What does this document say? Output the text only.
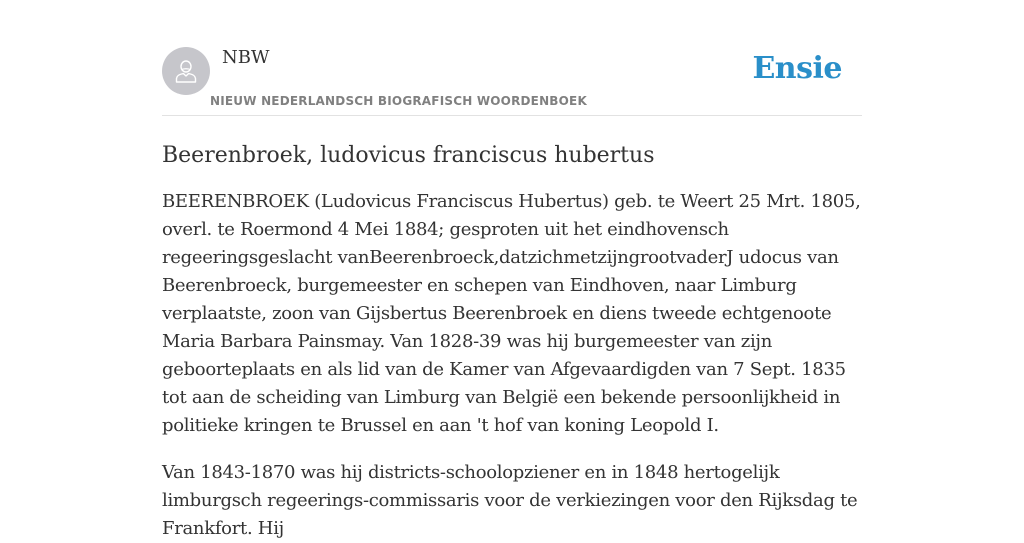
NBW
NIEUW NEDERLANDSCH BIOGRAFISCH WOORDENBOEK
Ensie
Beerenbroek, ludovicus franciscus hubertus

BEERENBROEK (Ludovicus Franciscus Hubertus) geb. te Weert 25 Mrt. 1805, overl. te Roermond 4 Mei 1884; gesproten uit het eindhovensch regeeringsgeslacht vanBeerenbroeck,datzichmetzijngrootvaderJ udocus van Beerenbroeck, burgemeester en schepen van Eindhoven, naar Limburg verplaatste, zoon van Gijsbertus Beerenbroek en diens tweede echtgenoote Maria Barbara Painsmay. Van 1828-39 was hij burgemeester van zijn geboorteplaats en als lid van de Kamer van Afgevaardigden van 7 Sept. 1835 tot aan de scheiding van Limburg van België een bekende persoonlijkheid in politieke kringen te Brussel en aan 't hof van koning Leopold I.

Van 1843-1870 was hij districts-schoolopziener en in 1848 hertogelijk limburgsch regeerings-commissaris voor de verkiezingen voor den Rijksdag te Frankfort. Hij
